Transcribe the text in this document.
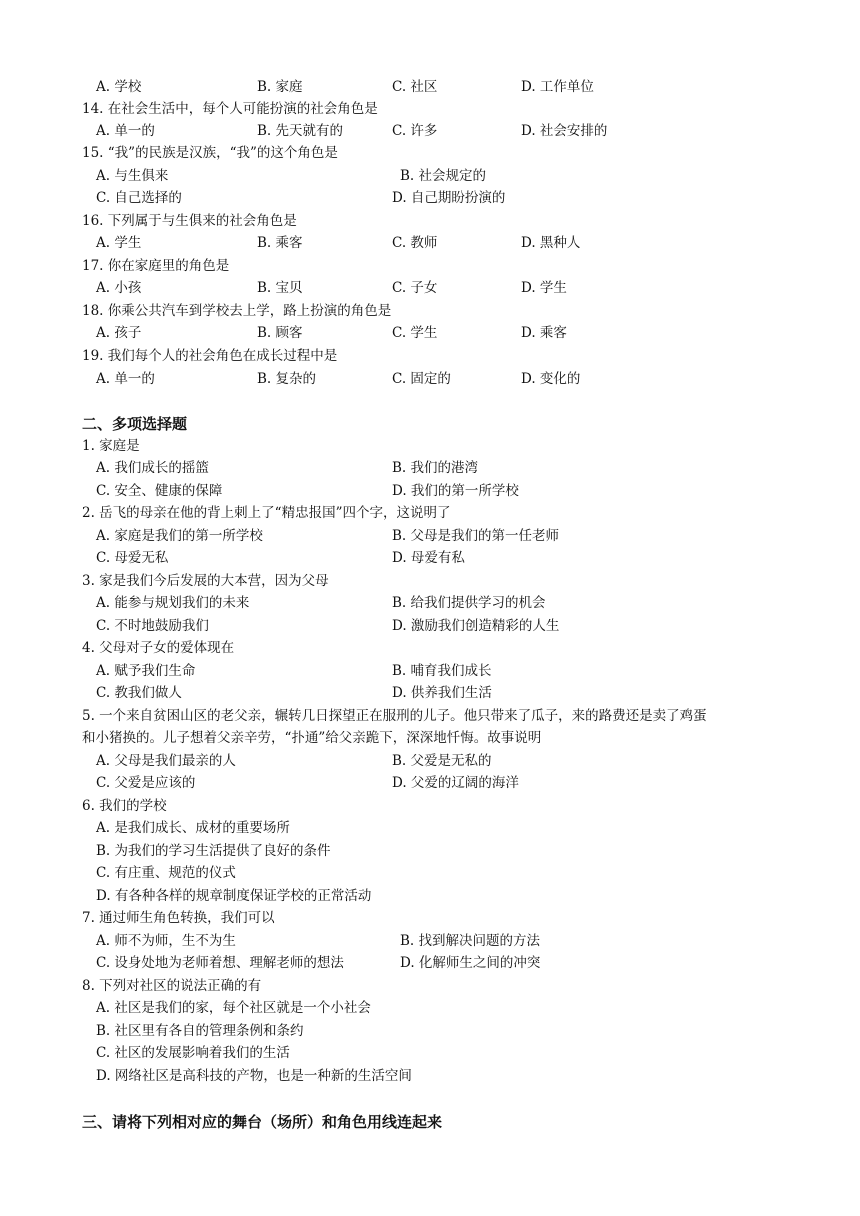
A. 学校	B. 家庭	C. 社区	D. 工作单位
14. 在社会生活中，每个人可能扮演的社会角色是
A. 单一的	B. 先天就有的	C. 许多	D. 社会安排的
15. “我”的民族是汉族，“我”的这个角色是
A. 与生俱来	B. 社会规定的
C. 自己选择的	D. 自己期盼扮演的
16. 下列属于与生俱来的社会角色是
A. 学生	B. 乘客	C. 教师	D. 黑种人
17. 你在家庭里的角色是
A. 小孩	B. 宝贝	C. 子女	D. 学生
18. 你乘公共汽车到学校去上学，路上扮演的角色是
A. 孩子	B. 顾客	C. 学生	D. 乘客
19. 我们每个人的社会角色在成长过程中是
A. 单一的	B. 复杂的	C. 固定的	D. 变化的
二、多项选择题
1. 家庭是
A. 我们成长的摇篮	B. 我们的港湾
C. 安全、健康的保障	D. 我们的第一所学校
2. 岳飞的母亲在他的背上刺上了“精忠报国”四个字，这说明了
A. 家庭是我们的第一所学校	B. 父母是我们的第一任老师
C. 母爱无私	D. 母爱有私
3. 家是我们今后发展的大本营，因为父母
A. 能参与规划我们的未来	B. 给我们提供学习的机会
C. 不时地鼓励我们	D. 激励我们创造精彩的人生
4. 父母对子女的爱体现在
A. 赋予我们生命	B. 哺育我们成长
C. 教我们做人	D. 供养我们生活
5. 一个来自贫困山区的老父亲，辗转几日探望正在服刑的儿子。他只带来了瓜子，来的路费还是卖了鸡蛋
和小猪换的。儿子想着父亲辛劳，“扑通”给父亲跪下，深深地忏悔。故事说明
A. 父母是我们最亲的人	B. 父爱是无私的
C. 父爱是应该的	D. 父爱的辽阔的海洋
6. 我们的学校
A. 是我们成长、成材的重要场所
B. 为我们的学习生活提供了良好的条件
C. 有庄重、规范的仪式
D. 有各种各样的规章制度保证学校的正常活动
7. 通过师生角色转换，我们可以
A. 师不为师，生不为生	B. 找到解决问题的方法
C. 设身处地为老师着想、理解老师的想法	D. 化解师生之间的冲突
8. 下列对社区的说法正确的有
A. 社区是我们的家，每个社区就是一个小社会
B. 社区里有各自的管理条例和条约
C. 社区的发展影响着我们的生活
D. 网络社区是高科技的产物，也是一种新的生活空间
三、请将下列相对应的舞台（场所）和角色用线连起来
